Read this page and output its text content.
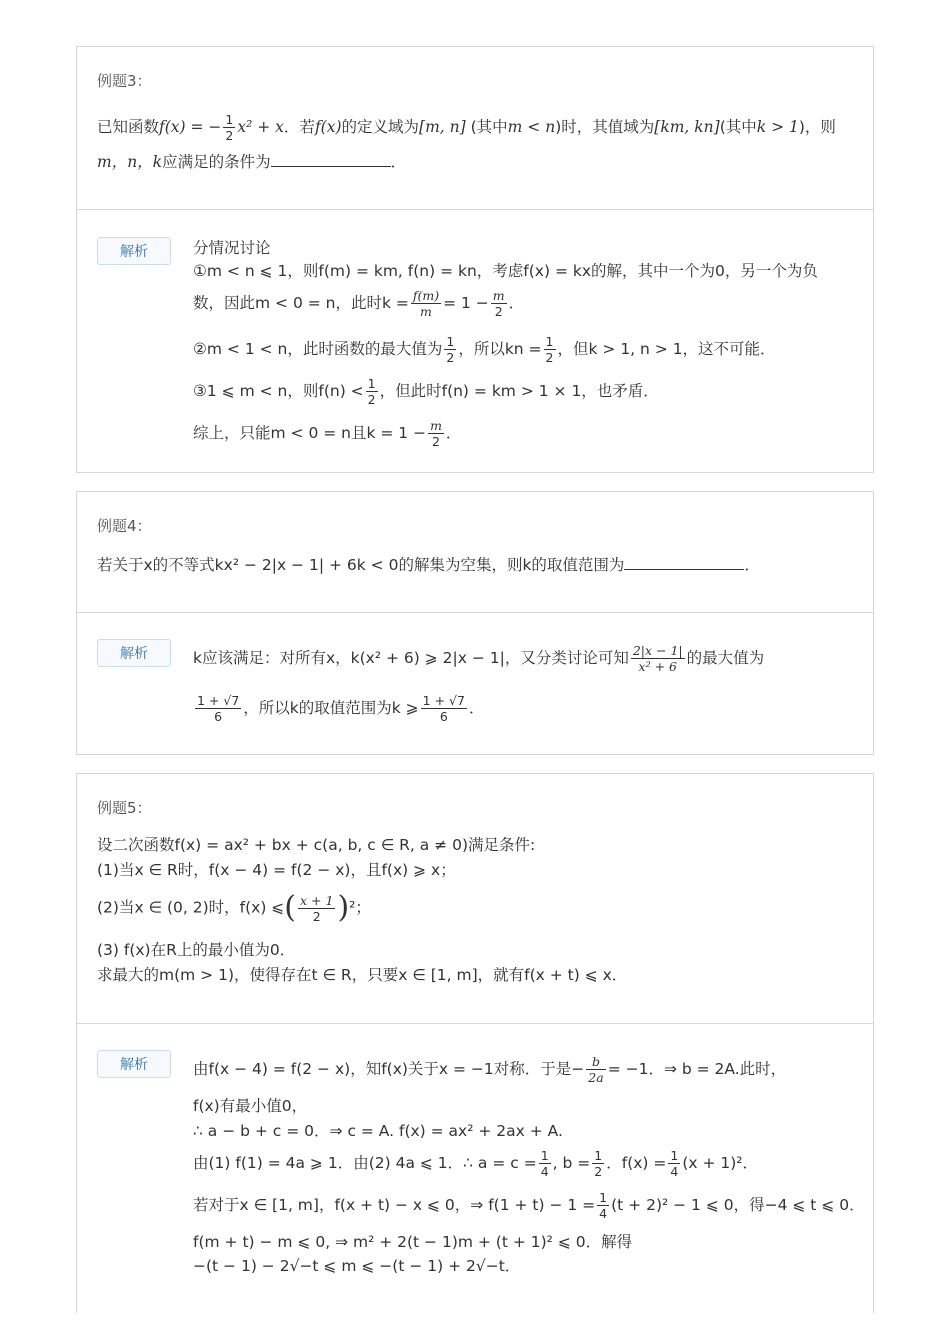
例题3：
已知函数f(x) = − $\frac{1}{2} x^2 + x$．若f(x)的定义域为[m, n] (其中m < n)时，其值域为[km, kn](其中k > 1)，则
m，n，k应满足的条件为	．
解析	分情况讨论
①m < n ⩽ 1，则f(m) = km, f(n) = kn，考虑f(x) = kx的解，其中一个为0，另一个为负
数，因此m < 0 = n，此时$k = \frac{f(m)}{m} = 1 - \frac{m}{2}$ ．
②m < 1 < n，此时函数的最大值为 $\frac{1}{2}$ ，所以kn = $\frac{1}{2}$ ，但k > 1, n > 1，这不可能．
③1 ⩽ m < n，则$f(n) < \frac{1}{2}$ ，但此时f(n) = km > 1 × 1，也矛盾．
综上，只能m < 0 = n且$k = 1 - \frac{m}{2}$ ．
例题4：
若关于x的不等式kx² − 2|x − 1| + 6k < 0的解集为空集，则k的取值范围为	．
解析	k应该满足：对所有x，k(x² + 6) ⩾ 2|x − 1|，又分类讨论可知 $\frac{2|x - 1|}{\text{x² + 6}}$ 的最大值为
$\frac{1 + √7}{6}$ ，所以k的取值范围为k ⩾ $\frac{1 + √7}{6}$ ．
例题5：
设二次函数f(x) = ax² + bx + c(a, b, c ∈ R, a ≠ 0)满足条件:
(1)当x ∈ R时，f(x − 4) = f(2 − x)，且f(x) ⩾ x；
(2)当x ∈ (0, 2)时，f(x) ⩽( $\frac{x + 1}{2} )^2$；
(3) f(x)在R上的最小值为0．
求最大的m(m > 1)，使得存在t ∈ R，只要x ∈ [1, m]，就有f(x + t) ⩽ x．
解析	由f(x − 4) = f(2 − x)，知f(x)关于x = −1对称．于是− $\frac{b}{2a} = -1$．⇒ b = 2A.此时，
f(x)有最小值0，
∴ a − b + c = 0．⇒ c = A. f(x) = ax² + 2ax + A.
由(1) f(1) = 4a ⩾ 1．由(2) 4a ⩽ 1．∴ $a = c = \frac{1}{4}$ , $b = \frac{1}{2}$ ．$f(x) = \frac{1}{4} (x + 1)^2$．
若对于x ∈ [1, m]，f(x + t) − x ⩽ 0，⇒ $f(1 + t) - 1 = \frac{1}{4} (t + 2)^2 - 1$ ⩽ 0，得−4 ⩽ t ⩽ 0．
f(m + t) − m ⩽ 0, ⇒ m² + 2(t − 1)m + (t + 1)² ⩽ 0．解得
−(t − 1) − 2√−t ⩽ m ⩽ −(t − 1) + 2√−t．
